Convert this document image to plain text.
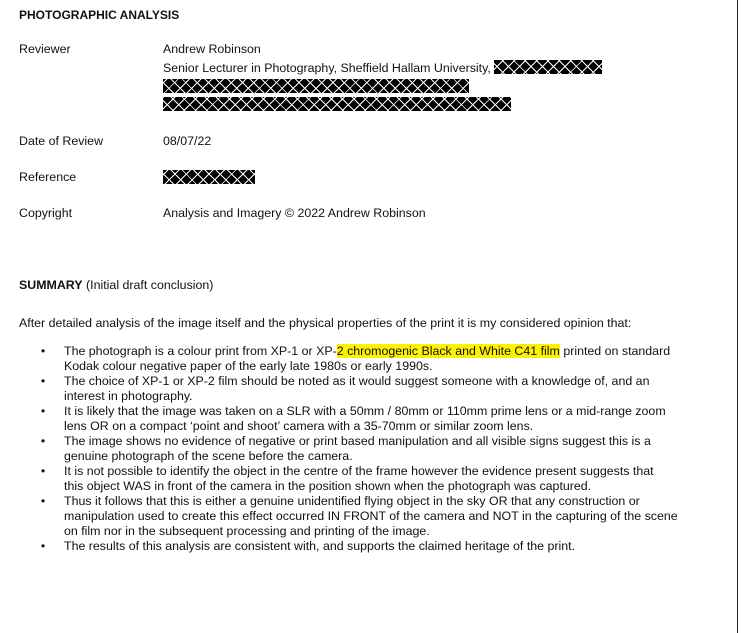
PHOTOGRAPHIC ANALYSIS
Reviewer	Andrew Robinson
Senior Lecturer in Photography, Sheffield Hallam University,
Date of Review	08/07/22
Reference
Copyright	Analysis and Imagery © 2022 Andrew Robinson
SUMMARY (Initial draft conclusion)
After detailed analysis of the image itself and the physical properties of the print it is my considered opinion that:
• The photograph is a colour print from XP-1 or XP-2 chromogenic Black and White C41 film printed on standard
Kodak colour negative paper of the early late 1980s or early 1990s.
• The choice of XP-1 or XP-2 film should be noted as it would suggest someone with a knowledge of, and an
interest in photography.
• It is likely that the image was taken on a SLR with a 50mm / 80mm or 110mm prime lens or a mid-range zoom
lens OR on a compact ‘point and shoot’ camera with a 35-70mm or similar zoom lens.
• The image shows no evidence of negative or print based manipulation and all visible signs suggest this is a
genuine photograph of the scene before the camera.
• It is not possible to identify the object in the centre of the frame however the evidence present suggests that
this object WAS in front of the camera in the position shown when the photograph was captured.
• Thus it follows that this is either a genuine unidentified flying object in the sky OR that any construction or
manipulation used to create this effect occurred IN FRONT of the camera and NOT in the capturing of the scene
on film nor in the subsequent processing and printing of the image.
• The results of this analysis are consistent with, and supports the claimed heritage of the print.
